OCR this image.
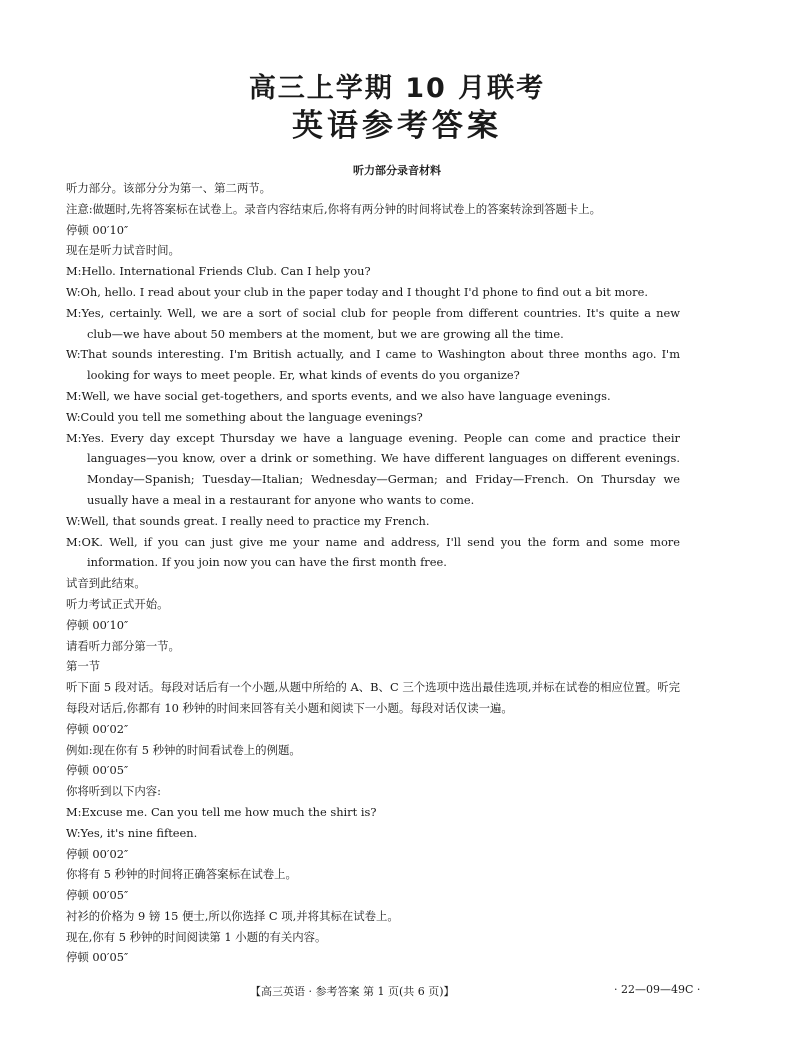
高三上学期 10 月联考
英语参考答案
听力部分录音材料

听力部分。该部分分为第一、第二两节。

注意:做题时,先将答案标在试卷上。录音内容结束后,你将有两分钟的时间将试卷上的答案转涂到答题卡上。

停顿 00′10″

现在是听力试音时间。

M:Hello. International Friends Club. Can I help you?

W:Oh, hello. I read about your club in the paper today and I thought I'd phone to find out a bit more.

M:Yes, certainly. Well, we are a sort of social club for people from different countries. It's quite a new club—we have about 50 members at the moment, but we are growing all the time.

W:That sounds interesting. I'm British actually, and I came to Washington about three months ago. I'm looking for ways to meet people. Er, what kinds of events do you organize?

M:Well, we have social get-togethers, and sports events, and we also have language evenings.

W:Could you tell me something about the language evenings?

M:Yes. Every day except Thursday we have a language evening. People can come and practice their languages—you know, over a drink or something. We have different languages on different evenings. Monday—Spanish; Tuesday—Italian; Wednesday—German; and Friday—French. On Thursday we usually have a meal in a restaurant for anyone who wants to come.

W:Well, that sounds great. I really need to practice my French.

M:OK. Well, if you can just give me your name and address, I'll send you the form and some more information. If you join now you can have the first month free.

试音到此结束。

听力考试正式开始。

停顿 00′10″

请看听力部分第一节。

第一节

听下面 5 段对话。每段对话后有一个小题,从题中所给的 A、B、C 三个选项中选出最佳选项,并标在试卷的相应位置。听完每段对话后,你都有 10 秒钟的时间来回答有关小题和阅读下一小题。每段对话仅读一遍。

停顿 00′02″

例如:现在你有 5 秒钟的时间看试卷上的例题。

停顿 00′05″

你将听到以下内容:

M:Excuse me. Can you tell me how much the shirt is?

W:Yes, it's nine fifteen.

停顿 00′02″

你将有 5 秒钟的时间将正确答案标在试卷上。

停顿 00′05″

衬衫的价格为 9 镑 15 便士,所以你选择 C 项,并将其标在试卷上。

现在,你有 5 秒钟的时间阅读第 1 小题的有关内容。

停顿 00′05″

【高三英语 · 参考答案 第 1 页(共 6 页)】	· 22—09—49C ·
